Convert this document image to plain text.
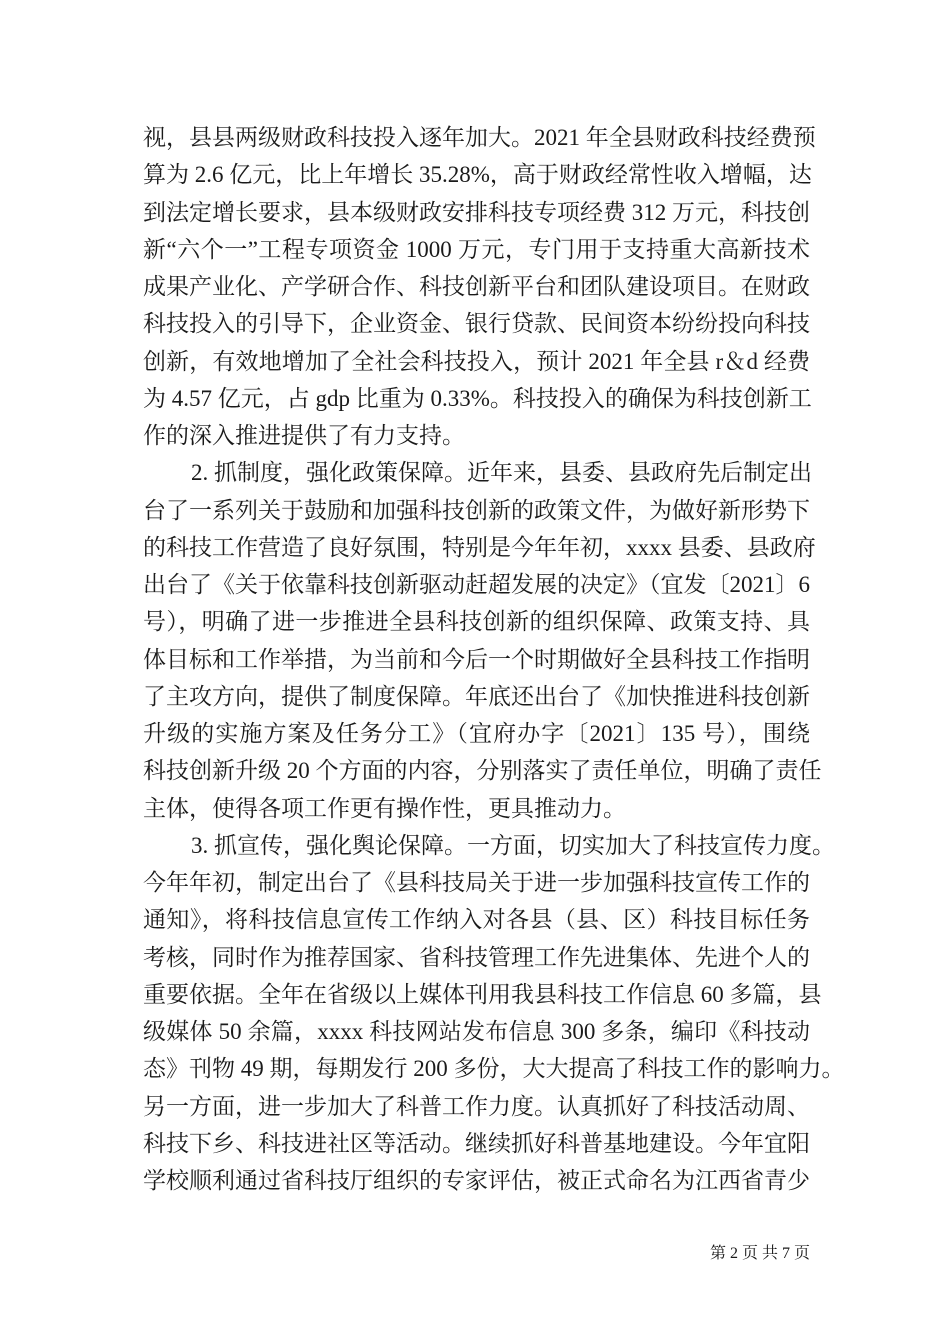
视，县县两级财政科技投入逐年加大。2021 年全县财政科技经费预
算为 2.6 亿元，比上年增长 35.28%，高于财政经常性收入增幅，达
到法定增长要求，县本级财政安排科技专项经费 312 万元，科技创
新“六个一”工程专项资金 1000 万元，专门用于支持重大高新技术
成果产业化、产学研合作、科技创新平台和团队建设项目。在财政
科技投入的引导下，企业资金、银行贷款、民间资本纷纷投向科技
创新，有效地增加了全社会科技投入，预计 2021 年全县 r＆d 经费
为 4.57 亿元，占 gdp 比重为 0.33%。科技投入的确保为科技创新工
作的深入推进提供了有力支持。
2. 抓制度，强化政策保障。近年来，县委、县政府先后制定出
台了一系列关于鼓励和加强科技创新的政策文件，为做好新形势下
的科技工作营造了良好氛围，特别是今年年初，xxxx 县委、县政府
出台了《关于依靠科技创新驱动赶超发展的决定》（宜发〔2021〕6
号），明确了进一步推进全县科技创新的组织保障、政策支持、具
体目标和工作举措，为当前和今后一个时期做好全县科技工作指明
了主攻方向，提供了制度保障。年底还出台了《加快推进科技创新
升级的实施方案及任务分工》（宜府办字〔2021〕135 号），围绕
科技创新升级 20 个方面的内容，分别落实了责任单位，明确了责任
主体，使得各项工作更有操作性，更具推动力。
3. 抓宣传，强化舆论保障。一方面，切实加大了科技宣传力度。
今年年初，制定出台了《县科技局关于进一步加强科技宣传工作的
通知》，将科技信息宣传工作纳入对各县（县、区）科技目标任务
考核，同时作为推荐国家、省科技管理工作先进集体、先进个人的
重要依据。全年在省级以上媒体刊用我县科技工作信息 60 多篇，县
级媒体 50 余篇，xxxx 科技网站发布信息 300 多条，编印《科技动
态》刊物 49 期，每期发行 200 多份，大大提高了科技工作的影响力。
另一方面，进一步加大了科普工作力度。认真抓好了科技活动周、
科技下乡、科技进社区等活动。继续抓好科普基地建设。今年宜阳
学校顺利通过省科技厅组织的专家评估，被正式命名为江西省青少
第 2 页 共 7 页
